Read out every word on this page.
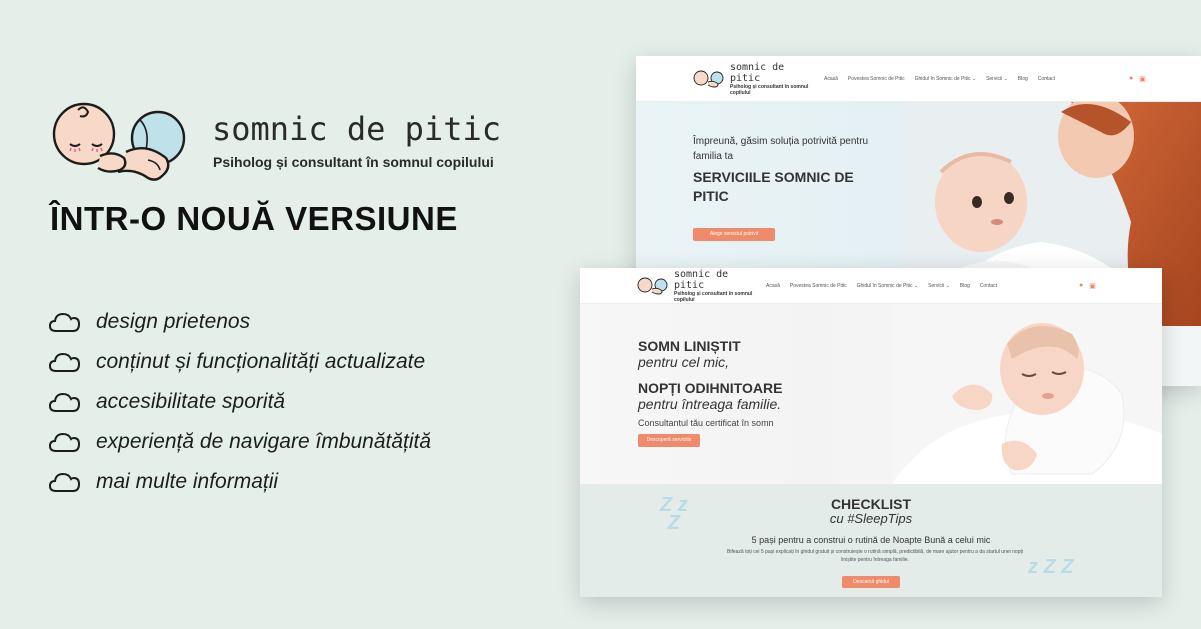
somnic de pitic
Psiholog și consultant în somnul copilului
ÎNTR-O NOUĂ VERSIUNE
design prietenos
conținut și funcționalități actualizate
accesibilitate sporită
experiență de navigare îmbunătățită
mai multe informații
somnic de pitic
Psiholog și consultant în somnul copilului
Acasă Povestea Somnic de Pitic Ghidul în Somnic de Pitic ⌄ Servicii ⌄ Blog Contact	● ▣
Împreună, găsim soluția potrivită pentru familia ta
SERVICIILE SOMNIC DE PITIC
Alege serviciul potrivit
somnic de pitic
Psiholog și consultant în somnul copilului
Acasă Povestea Somnic de Pitic Ghidul în Somnic de Pitic ⌄ Servicii ⌄ Blog Contact	● ▣
SOMN LINIȘTIT
pentru cel mic,
NOPȚI ODIHNITOARE
pentru întreaga familie.
Consultantul tău certificat în somn
Descoperă serviciile
Z z
Z
z Z Z
CHECKLIST
cu #SleepTips
5 pași pentru a construi o rutină de Noapte Bună a celui mic
Bifează toți cei 5 pași explicați în ghidul gratuit și construiește o rutină simplă, predictibilă, de mare ajutor pentru a da startul unei nopți liniștite pentru întreaga familie.
Descarcă ghidul
